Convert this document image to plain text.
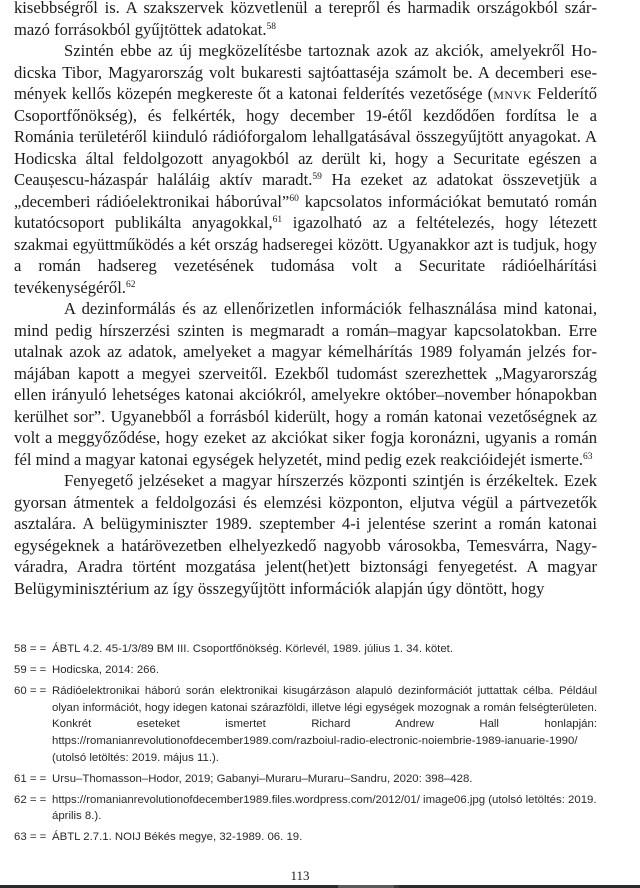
kisebbségről is. A szakszervek közvetlenül a terepről és harmadik országokból származó forrásokból gyűjtöttek adatokat.$^{58}$

Szintén ebbe az új megközelítésbe tartoznak azok az akciók, amelyekről Hodicska Tibor, Magyarország volt bukaresti sajtóattaséja számolt be. A decemberi események kellős közepén megkereste őt a katonai felderítés vezetősége (mnvk Felderítő Csoportfőnökség), és felkérték, hogy december 19-étől kezdődően fordítsa le a Románia területéről kiinduló rádióforgalom lehallgatásával összegyűjtött anyagokat. A Hodicska által feldolgozott anyagokból az derült ki, hogy a Securitate egészen a Ceaușescu-házaspár haláláig aktív maradt.$^{59}$ Ha ezeket az adatokat összevetjük a „decemberi rádióelektronikai háborúval”$^{60}$ kapcsolatos információkat bemutató román kutatócsoport publikálta anyagokkal,$^{61}$ igazolható az a feltételezés, hogy létezett szakmai együttműködés a két ország hadseregei között. Ugyanakkor azt is tudjuk, hogy a román hadsereg vezetésének tudomása volt a Securitate rádióelhárítási tevékenységéről.$^{62}$

A dezinformálás és az ellenőrizetlen információk felhasználása mind katonai, mind pedig hírszerzési szinten is megmaradt a román–magyar kapcsolatokban. Erre utalnak azok az adatok, amelyeket a magyar kémelhárítás 1989 folyamán jelzés formájában kapott a megyei szerveitől. Ezekből tudomást szerezhettek „Magyarország ellen irányuló lehetséges katonai akciókról, amelyekre október–november hónapokban kerülhet sor”. Ugyanebből a forrásból kiderült, hogy a román katonai vezetőségnek az volt a meggyőződése, hogy ezeket az akciókat siker fogja koronázni, ugyanis a román fél mind a magyar katonai egységek helyzetét, mind pedig ezek reakcióidejét ismerte.$^{63}$

Fenyegető jelzéseket a magyar hírszerzés központi szintjén is érzékeltek. Ezek gyorsan átmentek a feldolgozási és elemzési központon, eljutva végül a pártvezetők asztalára. A belügyminiszter 1989. szeptember 4-i jelentése szerint a román katonai egységeknek a határövezetben elhelyezkedő nagyobb városokba, Temesvárra, Nagyváradra, Aradra történt mozgatása jelent(het)ett biztonsági fenyegetést. A magyar Belügyminisztérium az így összegyűjtött információk alapján úgy döntött, hogy

58 = = ÁBTL 4.2. 45-1/3/89 BM III. Csoportfőnökség. Körlevél, 1989. július 1. 34. kötet.
59 = = Hodicska, 2014: 266.
60 = = Rádióelektronikai háború során elektronikai kisugárzáson alapuló dezinformációt juttattak célba. Például olyan információt, hogy idegen katonai szárazföldi, illetve légi egységek mozognak a román felségterületen. Konkrét eseteket ismertet Richard Andrew Hall honlapján: https://romanianrevolutionofdecember1989.com/razboiul-radio-electronic-noiembrie-1989-ianuarie-1990/ (utolsó letöltés: 2019. május 11.).
61 = = Ursu–Thomasson–Hodor, 2019; Gabanyi–Muraru–Muraru–Sandru, 2020: 398–428.
62 = = https://romanianrevolutionofdecember1989.files.wordpress.com/2012/01/ image06.jpg (utolsó letöltés: 2019. április 8.).
63 = = ÁBTL 2.7.1. NOIJ Békés megye, 32-1989. 06. 19.
113
